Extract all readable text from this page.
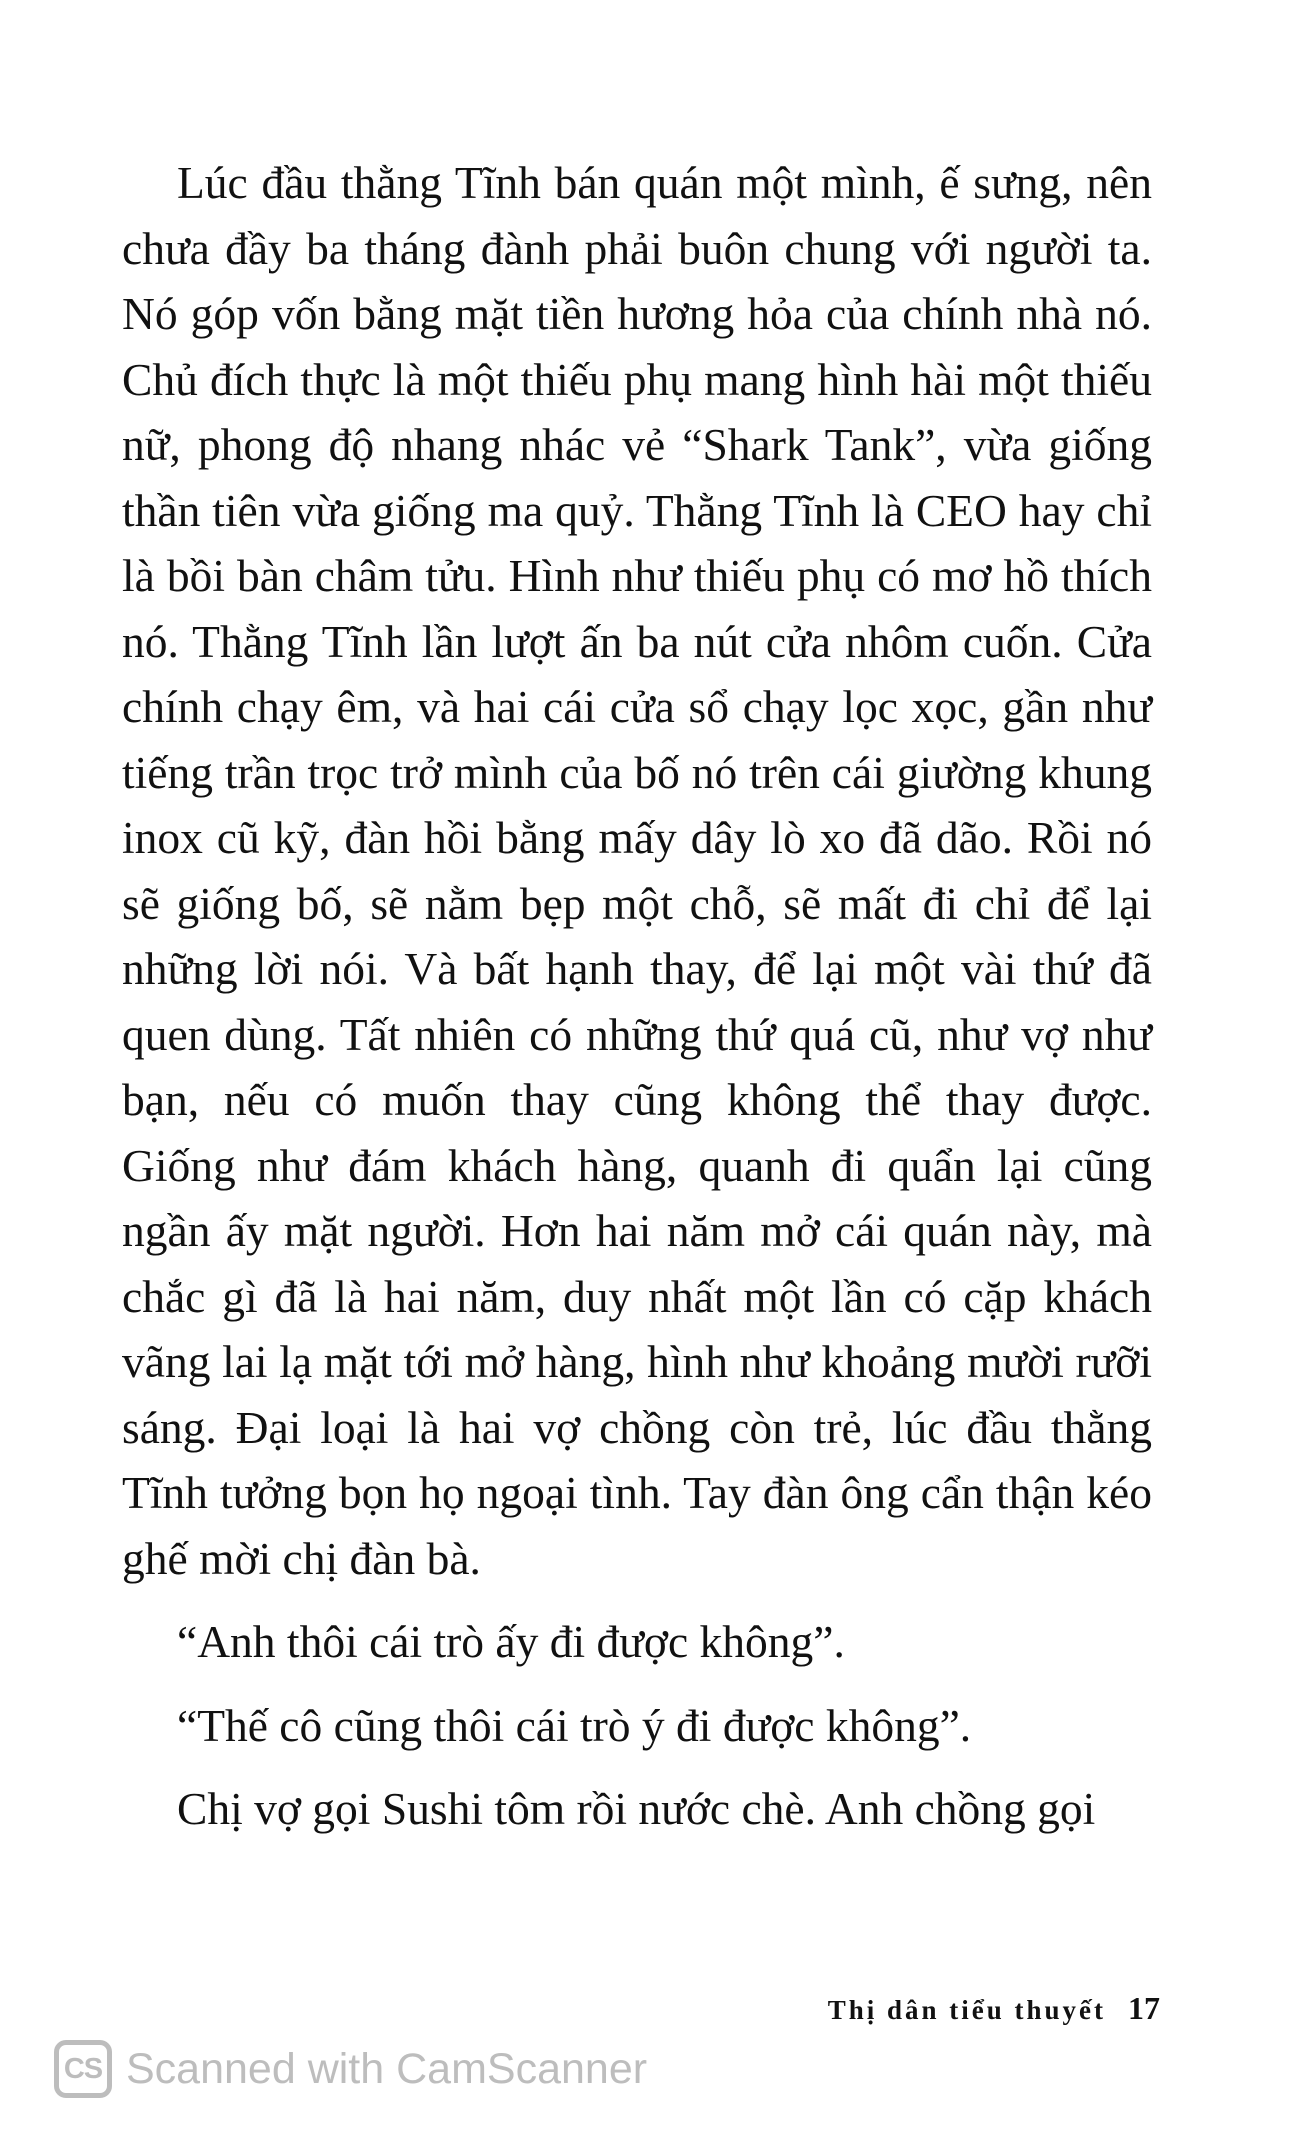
Lúc đầu thằng Tĩnh bán quán một mình, ế sưng, nên chưa đầy ba tháng đành phải buôn chung với người ta. Nó góp vốn bằng mặt tiền hương hỏa của chính nhà nó. Chủ đích thực là một thiếu phụ mang hình hài một thiếu nữ, phong độ nhang nhác vẻ “Shark Tank”, vừa giống thần tiên vừa giống ma quỷ. Thằng Tĩnh là CEO hay chỉ là bồi bàn châm tửu. Hình như thiếu phụ có mơ hồ thích nó. Thằng Tĩnh lần lượt ấn ba nút cửa nhôm cuốn. Cửa chính chạy êm, và hai cái cửa sổ chạy lọc xọc, gần như tiếng trần trọc trở mình của bố nó trên cái giường khung inox cũ kỹ, đàn hồi bằng mấy dây lò xo đã dão. Rồi nó sẽ giống bố, sẽ nằm bẹp một chỗ, sẽ mất đi chỉ để lại những lời nói. Và bất hạnh thay, để lại một vài thứ đã quen dùng. Tất nhiên có những thứ quá cũ, như vợ như bạn, nếu có muốn thay cũng không thể thay được. Giống như đám khách hàng, quanh đi quẩn lại cũng ngần ấy mặt người. Hơn hai năm mở cái quán này, mà chắc gì đã là hai năm, duy nhất một lần có cặp khách vãng lai lạ mặt tới mở hàng, hình như khoảng mười rưỡi sáng. Đại loại là hai vợ chồng còn trẻ, lúc đầu thằng Tĩnh tưởng bọn họ ngoại tình. Tay đàn ông cẩn thận kéo ghế mời chị đàn bà.

“Anh thôi cái trò ấy đi được không”.

“Thế cô cũng thôi cái trò ý đi được không”.

Chị vợ gọi Sushi tôm rồi nước chè. Anh chồng gọi

Thị dân tiểu thuyết 17
CS Scanned with CamScanner
